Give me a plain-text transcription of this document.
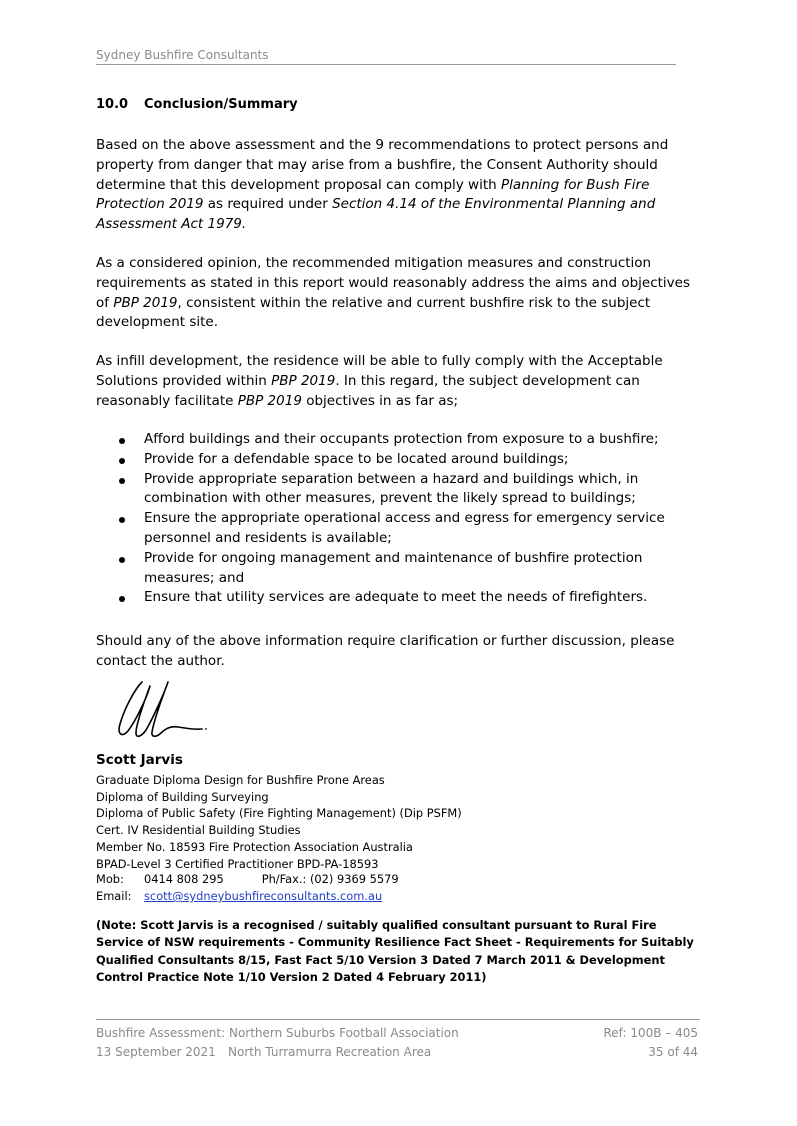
Sydney Bushfire Consultants
10.0 Conclusion/Summary

Based on the above assessment and the 9 recommendations to protect persons and property from danger that may arise from a bushfire, the Consent Authority should determine that this development proposal can comply with Planning for Bush Fire Protection 2019 as required under Section 4.14 of the Environmental Planning and Assessment Act 1979.

As a considered opinion, the recommended mitigation measures and construction requirements as stated in this report would reasonably address the aims and objectives of PBP 2019, consistent within the relative and current bushfire risk to the subject development site.

As infill development, the residence will be able to fully comply with the Acceptable Solutions provided within PBP 2019. In this regard, the subject development can reasonably facilitate PBP 2019 objectives in as far as;

Afford buildings and their occupants protection from exposure to a bushfire;
Provide for a defendable space to be located around buildings;
Provide appropriate separation between a hazard and buildings which, in combination with other measures, prevent the likely spread to buildings;
Ensure the appropriate operational access and egress for emergency service personnel and residents is available;
Provide for ongoing management and maintenance of bushfire protection measures; and
Ensure that utility services are adequate to meet the needs of firefighters.

Should any of the above information require clarification or further discussion, please contact the author.

Scott Jarvis
Graduate Diploma Design for Bushfire Prone Areas
Diploma of Building Surveying
Diploma of Public Safety (Fire Fighting Management) (Dip PSFM)
Cert. IV Residential Building Studies
Member No. 18593 Fire Protection Association Australia
BPAD-Level 3 Certified Practitioner BPD-PA-18593
Mob: 0414 808 295	Ph/Fax.: (02) 9369 5579
Email: scott@sydneybushfireconsultants.com.au

(Note: Scott Jarvis is a recognised / suitably qualified consultant pursuant to Rural Fire Service of NSW requirements - Community Resilience Fact Sheet - Requirements for Suitably Qualified Consultants 8/15, Fast Fact 5/10 Version 3 Dated 7 March 2011 & Development Control Practice Note 1/10 Version 2 Dated 4 February 2011)

Bushfire Assessment: Northern Suburbs Football Association
13 September 2021 North Turramurra Recreation Area
Ref: 100B – 405
35 of 44
